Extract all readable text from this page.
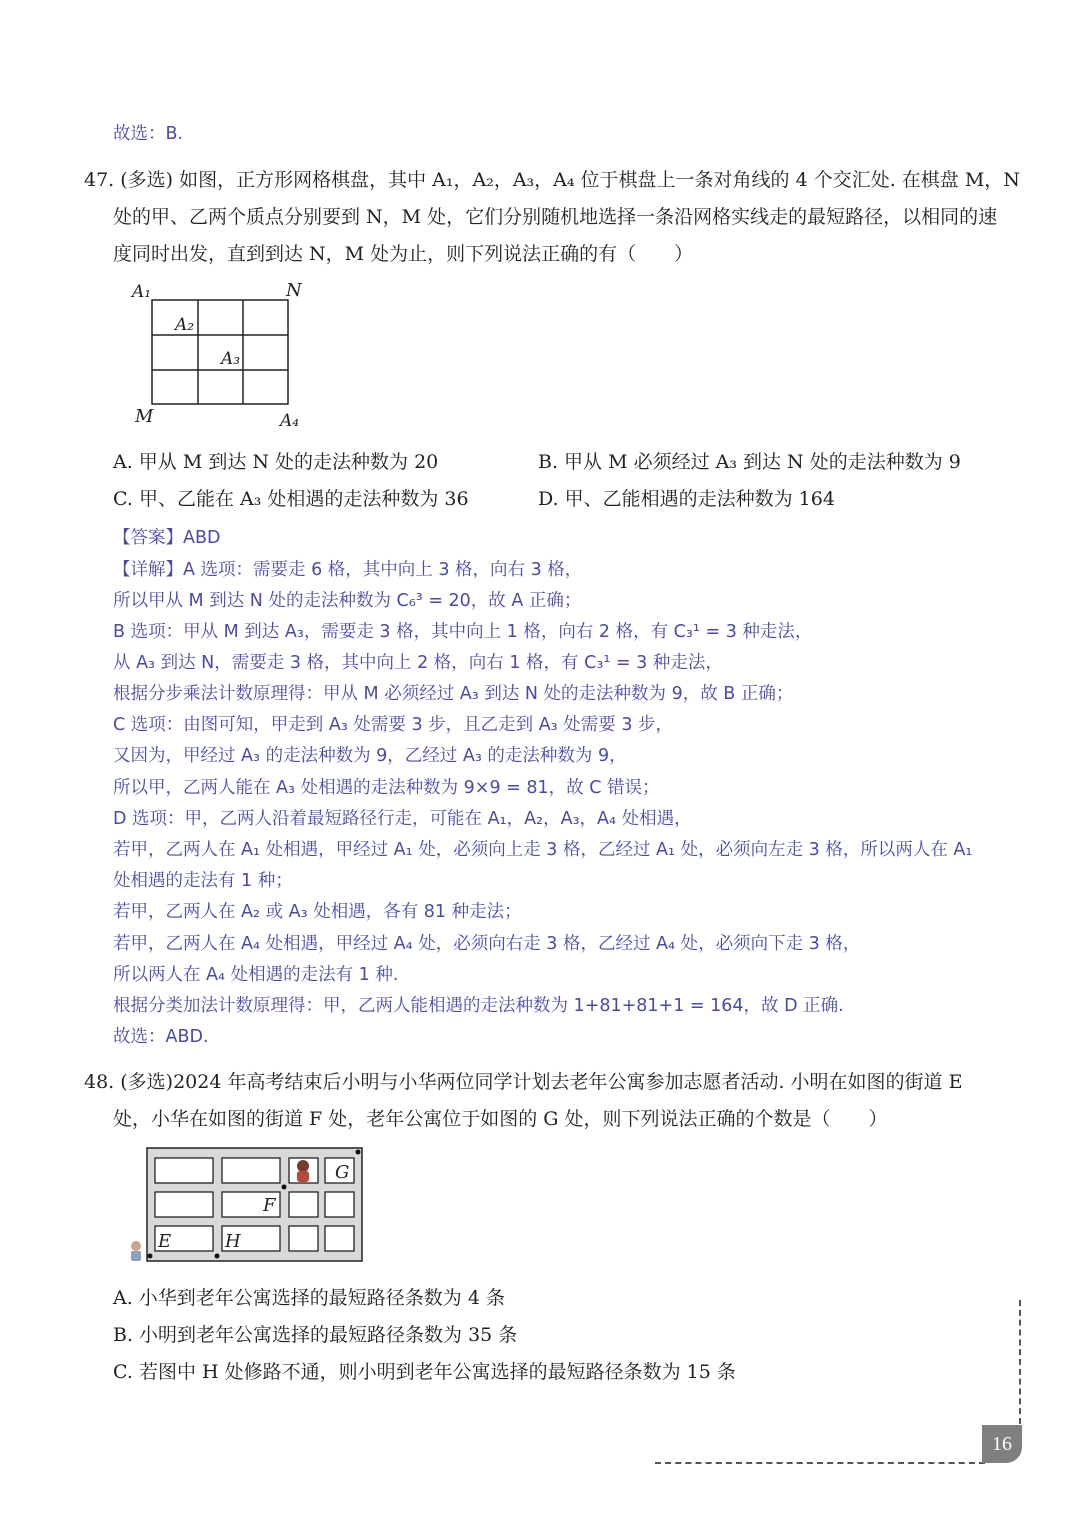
故选：B.
47. (多选) 如图，正方形网格棋盘，其中 A₁，A₂，A₃，A₄ 位于棋盘上一条对角线的 4 个交汇处. 在棋盘 M，N
处的甲、乙两个质点分别要到 N，M 处，它们分别随机地选择一条沿网格实线走的最短路径，以相同的速
度同时出发，直到到达 N，M 处为止，则下列说法正确的有（　　）
A₁	N
A₂
A₃
M	A₄
A. 甲从 M 到达 N 处的走法种数为 20	B. 甲从 M 必须经过 A₃ 到达 N 处的走法种数为 9
C. 甲、乙能在 A₃ 处相遇的走法种数为 36	D. 甲、乙能相遇的走法种数为 164
【答案】ABD
【详解】A 选项：需要走 6 格，其中向上 3 格，向右 3 格，
所以甲从 M 到达 N 处的走法种数为 C₆³ = 20，故 A 正确；
B 选项：甲从 M 到达 A₃，需要走 3 格，其中向上 1 格，向右 2 格，有 C₃¹ = 3 种走法，
从 A₃ 到达 N，需要走 3 格，其中向上 2 格，向右 1 格，有 C₃¹ = 3 种走法，
根据分步乘法计数原理得：甲从 M 必须经过 A₃ 到达 N 处的走法种数为 9，故 B 正确；
C 选项：由图可知，甲走到 A₃ 处需要 3 步，且乙走到 A₃ 处需要 3 步，
又因为，甲经过 A₃ 的走法种数为 9，乙经过 A₃ 的走法种数为 9，
所以甲，乙两人能在 A₃ 处相遇的走法种数为 9×9 = 81，故 C 错误；
D 选项：甲，乙两人沿着最短路径行走，可能在 A₁，A₂，A₃，A₄ 处相遇，
若甲，乙两人在 A₁ 处相遇，甲经过 A₁ 处，必须向上走 3 格，乙经过 A₁ 处，必须向左走 3 格，所以两人在 A₁
处相遇的走法有 1 种；
若甲，乙两人在 A₂ 或 A₃ 处相遇，各有 81 种走法；
若甲，乙两人在 A₄ 处相遇，甲经过 A₄ 处，必须向右走 3 格，乙经过 A₄ 处，必须向下走 3 格，
所以两人在 A₄ 处相遇的走法有 1 种.
根据分类加法计数原理得：甲，乙两人能相遇的走法种数为 1+81+81+1 = 164，故 D 正确.
故选：ABD.
48. (多选)2024 年高考结束后小明与小华两位同学计划去老年公寓参加志愿者活动. 小明在如图的街道 E
处，小华在如图的街道 F 处，老年公寓位于如图的 G 处，则下列说法正确的个数是（　　）
G
F
E	H
A. 小华到老年公寓选择的最短路径条数为 4 条
B. 小明到老年公寓选择的最短路径条数为 35 条
C. 若图中 H 处修路不通，则小明到老年公寓选择的最短路径条数为 15 条
16
